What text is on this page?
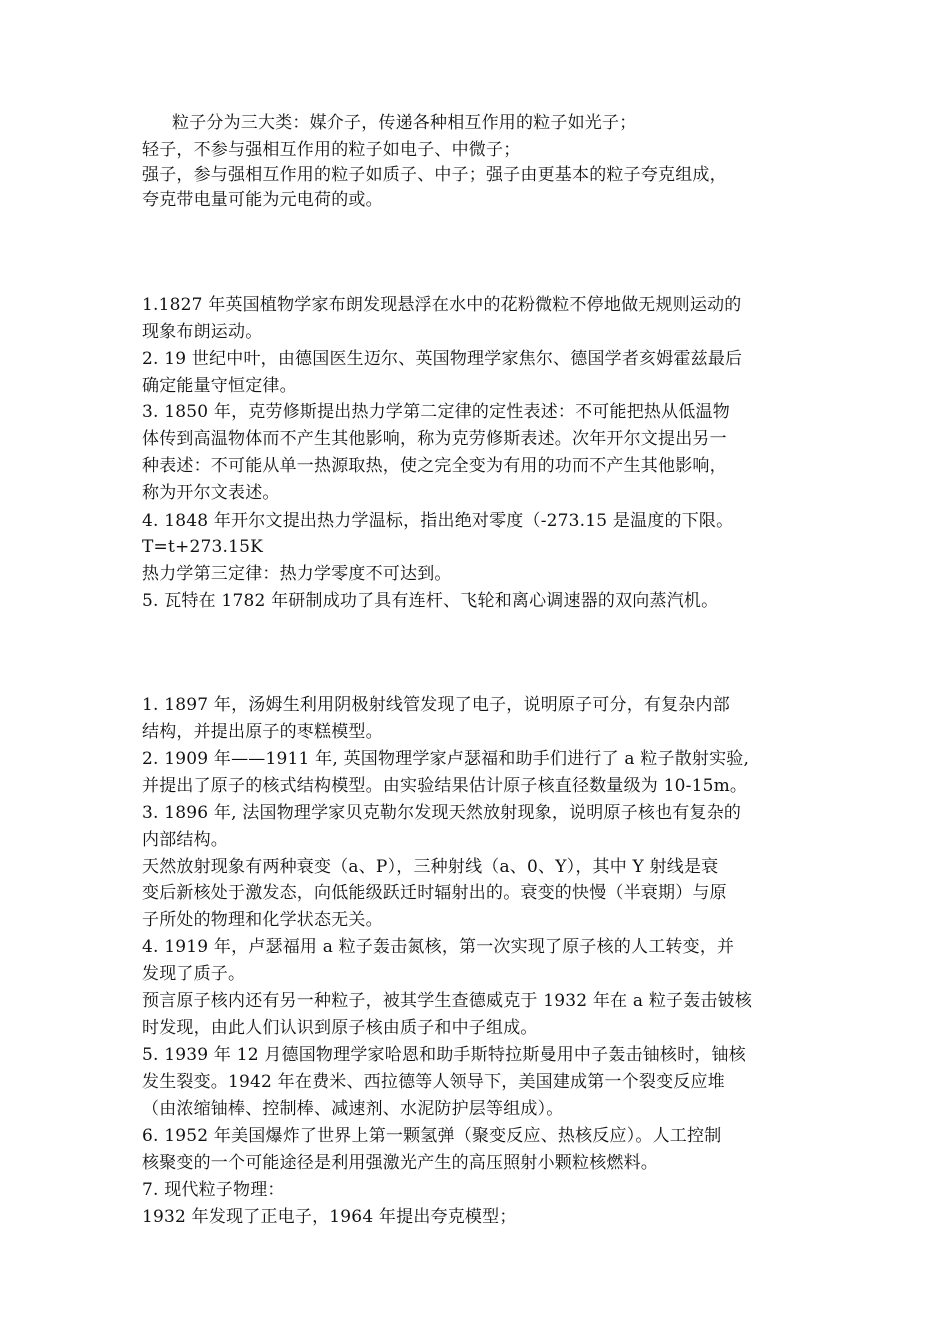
粒子分为三大类：媒介子，传递各种相互作用的粒子如光子；
轻子，不参与强相互作用的粒子如电子、中微子；
强子，参与强相互作用的粒子如质子、中子；强子由更基本的粒子夸克组成，
夸克带电量可能为元电荷的或。
1.1827 年英国植物学家布朗发现悬浮在水中的花粉微粒不停地做无规则运动的
现象布朗运动。
2. 19 世纪中叶，由德国医生迈尔、英国物理学家焦尔、德国学者亥姆霍兹最后
确定能量守恒定律。
3. 1850 年，克劳修斯提出热力学第二定律的定性表述：不可能把热从低温物
体传到高温物体而不产生其他影响，称为克劳修斯表述。次年开尔文提出另一
种表述：不可能从单一热源取热，使之完全变为有用的功而不产生其他影响，
称为开尔文表述。
4. 1848 年开尔文提出热力学温标，指出绝对零度（-273.15 是温度的下限。
T=t+273.15K
热力学第三定律：热力学零度不可达到。
5. 瓦特在 1782 年研制成功了具有连杆、飞轮和离心调速器的双向蒸汽机。
1. 1897 年，汤姆生利用阴极射线管发现了电子，说明原子可分，有复杂内部
结构，并提出原子的枣糕模型。
2. 1909 年——1911 年, 英国物理学家卢瑟福和助手们进行了 a 粒子散射实验,
并提出了原子的核式结构模型。由实验结果估计原子核直径数量级为 10-15m。
3. 1896 年, 法国物理学家贝克勒尔发现天然放射现象，说明原子核也有复杂的
内部结构。
天然放射现象有两种衰变（a、P），三种射线（a、0、Y），其中 Y 射线是衰
变后新核处于激发态，向低能级跃迁时辐射出的。衰变的快慢（半衰期）与原
子所处的物理和化学状态无关。
4. 1919 年，卢瑟福用 a 粒子轰击氮核，第一次实现了原子核的人工转变，并
发现了质子。
预言原子核内还有另一种粒子，被其学生查德威克于 1932 年在 a 粒子轰击铍核
时发现，由此人们认识到原子核由质子和中子组成。
5. 1939 年 12 月德国物理学家哈恩和助手斯特拉斯曼用中子轰击铀核时，铀核
发生裂变。1942 年在费米、西拉德等人领导下，美国建成第一个裂变反应堆
（由浓缩铀棒、控制棒、减速剂、水泥防护层等组成）。
6. 1952 年美国爆炸了世界上第一颗氢弹（聚变反应、热核反应）。人工控制
核聚变的一个可能途径是利用强激光产生的高压照射小颗粒核燃料。
7. 现代粒子物理：
1932 年发现了正电子，1964 年提出夸克模型；
